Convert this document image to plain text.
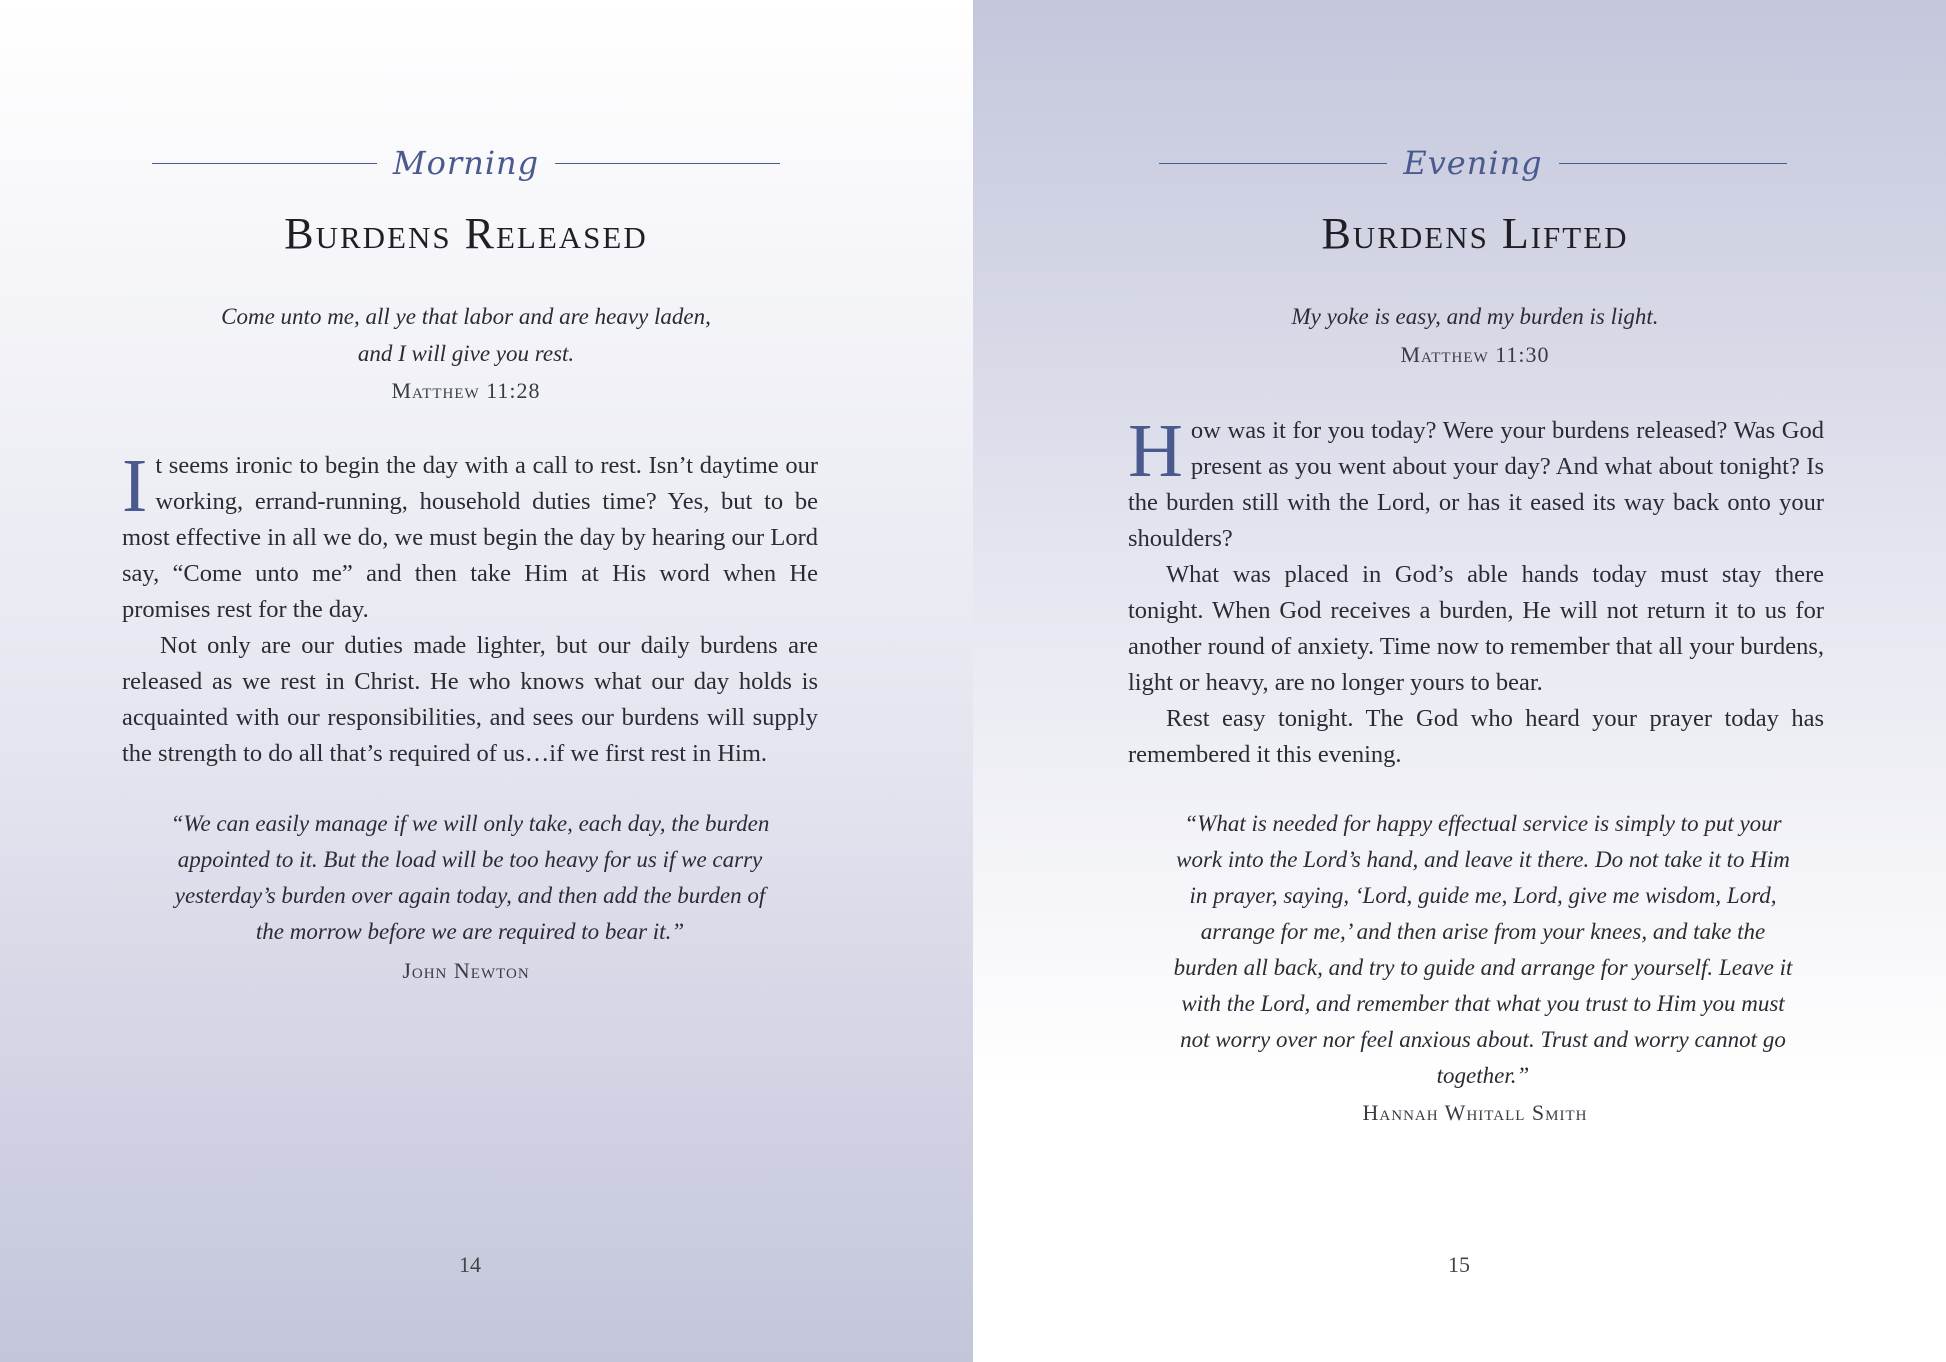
Morning
Burdens Released
Come unto me, all ye that labor and are heavy laden,
and I will give you rest.
Matthew 11:28

It seems ironic to begin the day with a call to rest. Isn’t daytime our working, errand-running, household duties time? Yes, but to be most effective in all we do, we must begin the day by hearing our Lord say, “Come unto me” and then take Him at His word when He promises rest for the day.

Not only are our duties made lighter, but our daily burdens are released as we rest in Christ. He who knows what our day holds is acquainted with our responsibilities, and sees our burdens will supply the strength to do all that’s required of us…if we first rest in Him.

“We can easily manage if we will only take, each day, the burden appointed to it. But the load will be too heavy for us if we carry yesterday’s burden over again today, and then add the burden of the morrow before we are required to bear it.”
John Newton
14
Evening
Burdens Lifted
My yoke is easy, and my burden is light.
Matthew 11:30

How was it for you today? Were your burdens released? Was God present as you went about your day? And what about tonight? Is the burden still with the Lord, or has it eased its way back onto your shoulders?

What was placed in God’s able hands today must stay there tonight. When God receives a burden, He will not return it to us for another round of anxiety. Time now to remember that all your burdens, light or heavy, are no longer yours to bear.

Rest easy tonight. The God who heard your prayer today has remembered it this evening.

“What is needed for happy effectual service is simply to put your work into the Lord’s hand, and leave it there. Do not take it to Him in prayer, saying, ‘Lord, guide me, Lord, give me wisdom, Lord, arrange for me,’ and then arise from your knees, and take the burden all back, and try to guide and arrange for yourself. Leave it with the Lord, and remember that what you trust to Him you must not worry over nor feel anxious about. Trust and worry cannot go together.”
Hannah Whitall Smith
15
